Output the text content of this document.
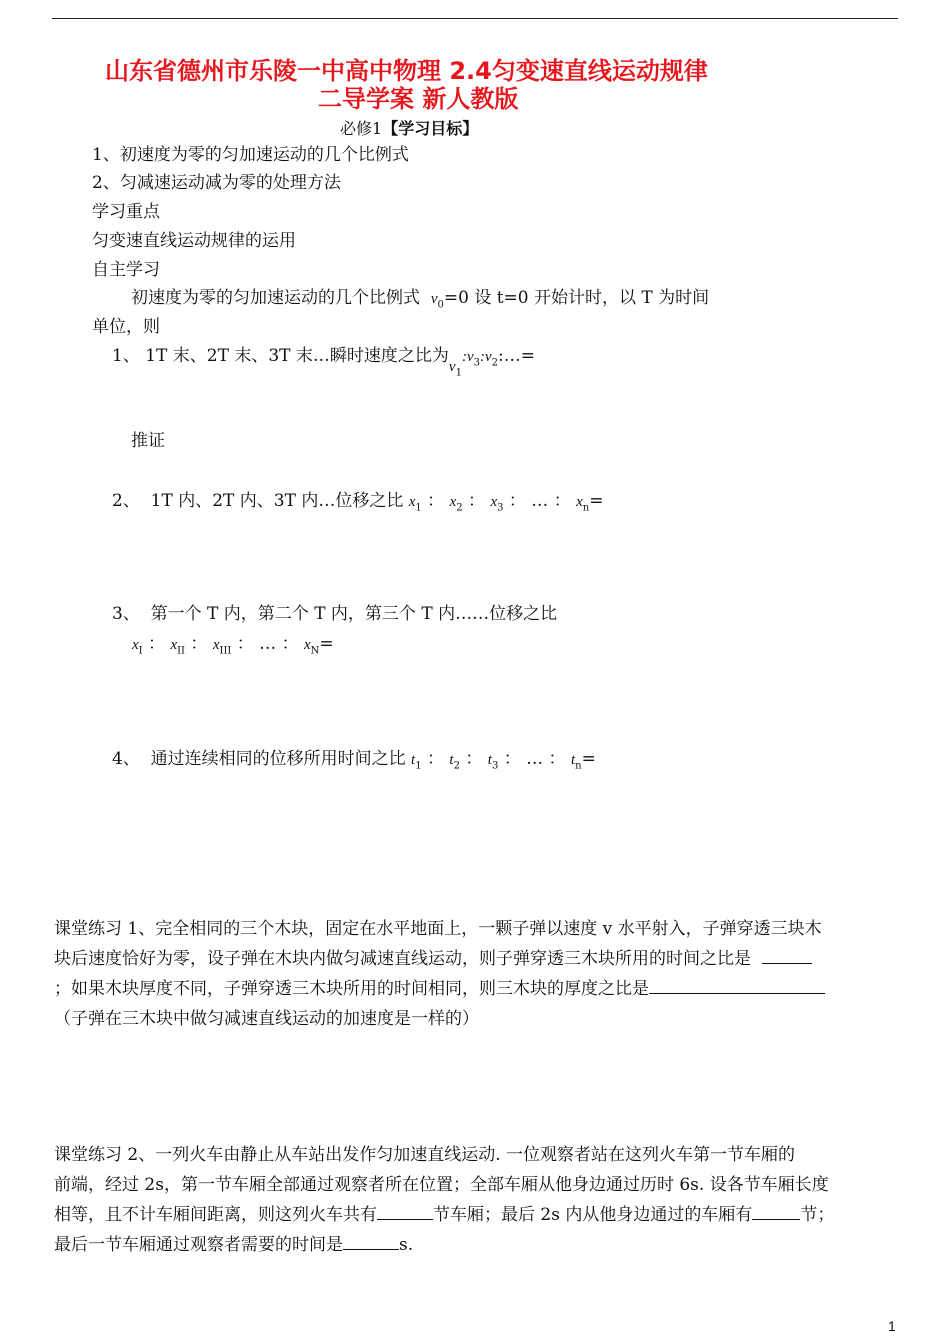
山东省德州市乐陵一中高中物理 2.4匀变速直线运动规律
二导学案 新人教版
必修1【学习目标】
1、初速度为零的匀加速运动的几个比例式
2、匀减速运动减为零的处理方法
学习重点
匀变速直线运动规律的运用
自主学习
初速度为零的匀加速运动的几个比例式 $v_0=0$ 设 t=0 开始计时，以 T 为时间
单位，则
1、 1T 末、2T 末、3T 末…瞬时速度之比为$v_1:v_3:v_2:\dots=$
推证
2、 1T 内、2T 内、3T 内…位移之比 $x_1$ ： $x_2$ ： $x_3$ ： … ： $x_n=$
3、 第一个 T 内，第二个 T 内，第三个 T 内……位移之比
$x_I$ ： $x_{II}$ ： $x_{III}$ ： … ： $x_N=$
4、 通过连续相同的位移所用时间之比 $t_1$ ： $t_2$ ： $t_3$ ： … ： $t_n=$
课堂练习 1、完全相同的三个木块，固定在水平地面上，一颗子弹以速度 v 水平射入，子弹穿透三块木
块后速度恰好为零，设子弹在木块内做匀减速直线运动，则子弹穿透三木块所用的时间之比是
；如果木块厚度不同，子弹穿透三木块所用的时间相同，则三木块的厚度之比是
（子弹在三木块中做匀减速直线运动的加速度是一样的）
课堂练习 2、一列火车由静止从车站出发作匀加速直线运动. 一位观察者站在这列火车第一节车厢的
前端，经过 2s，第一节车厢全部通过观察者所在位置；全部车厢从他身边通过历时 6s. 设各节车厢长度
相等，且不计车厢间距离，则这列火车共有	节车厢；最后 2s 内从他身边通过的车厢有	节；
最后一节车厢通过观察者需要的时间是	s.
1
